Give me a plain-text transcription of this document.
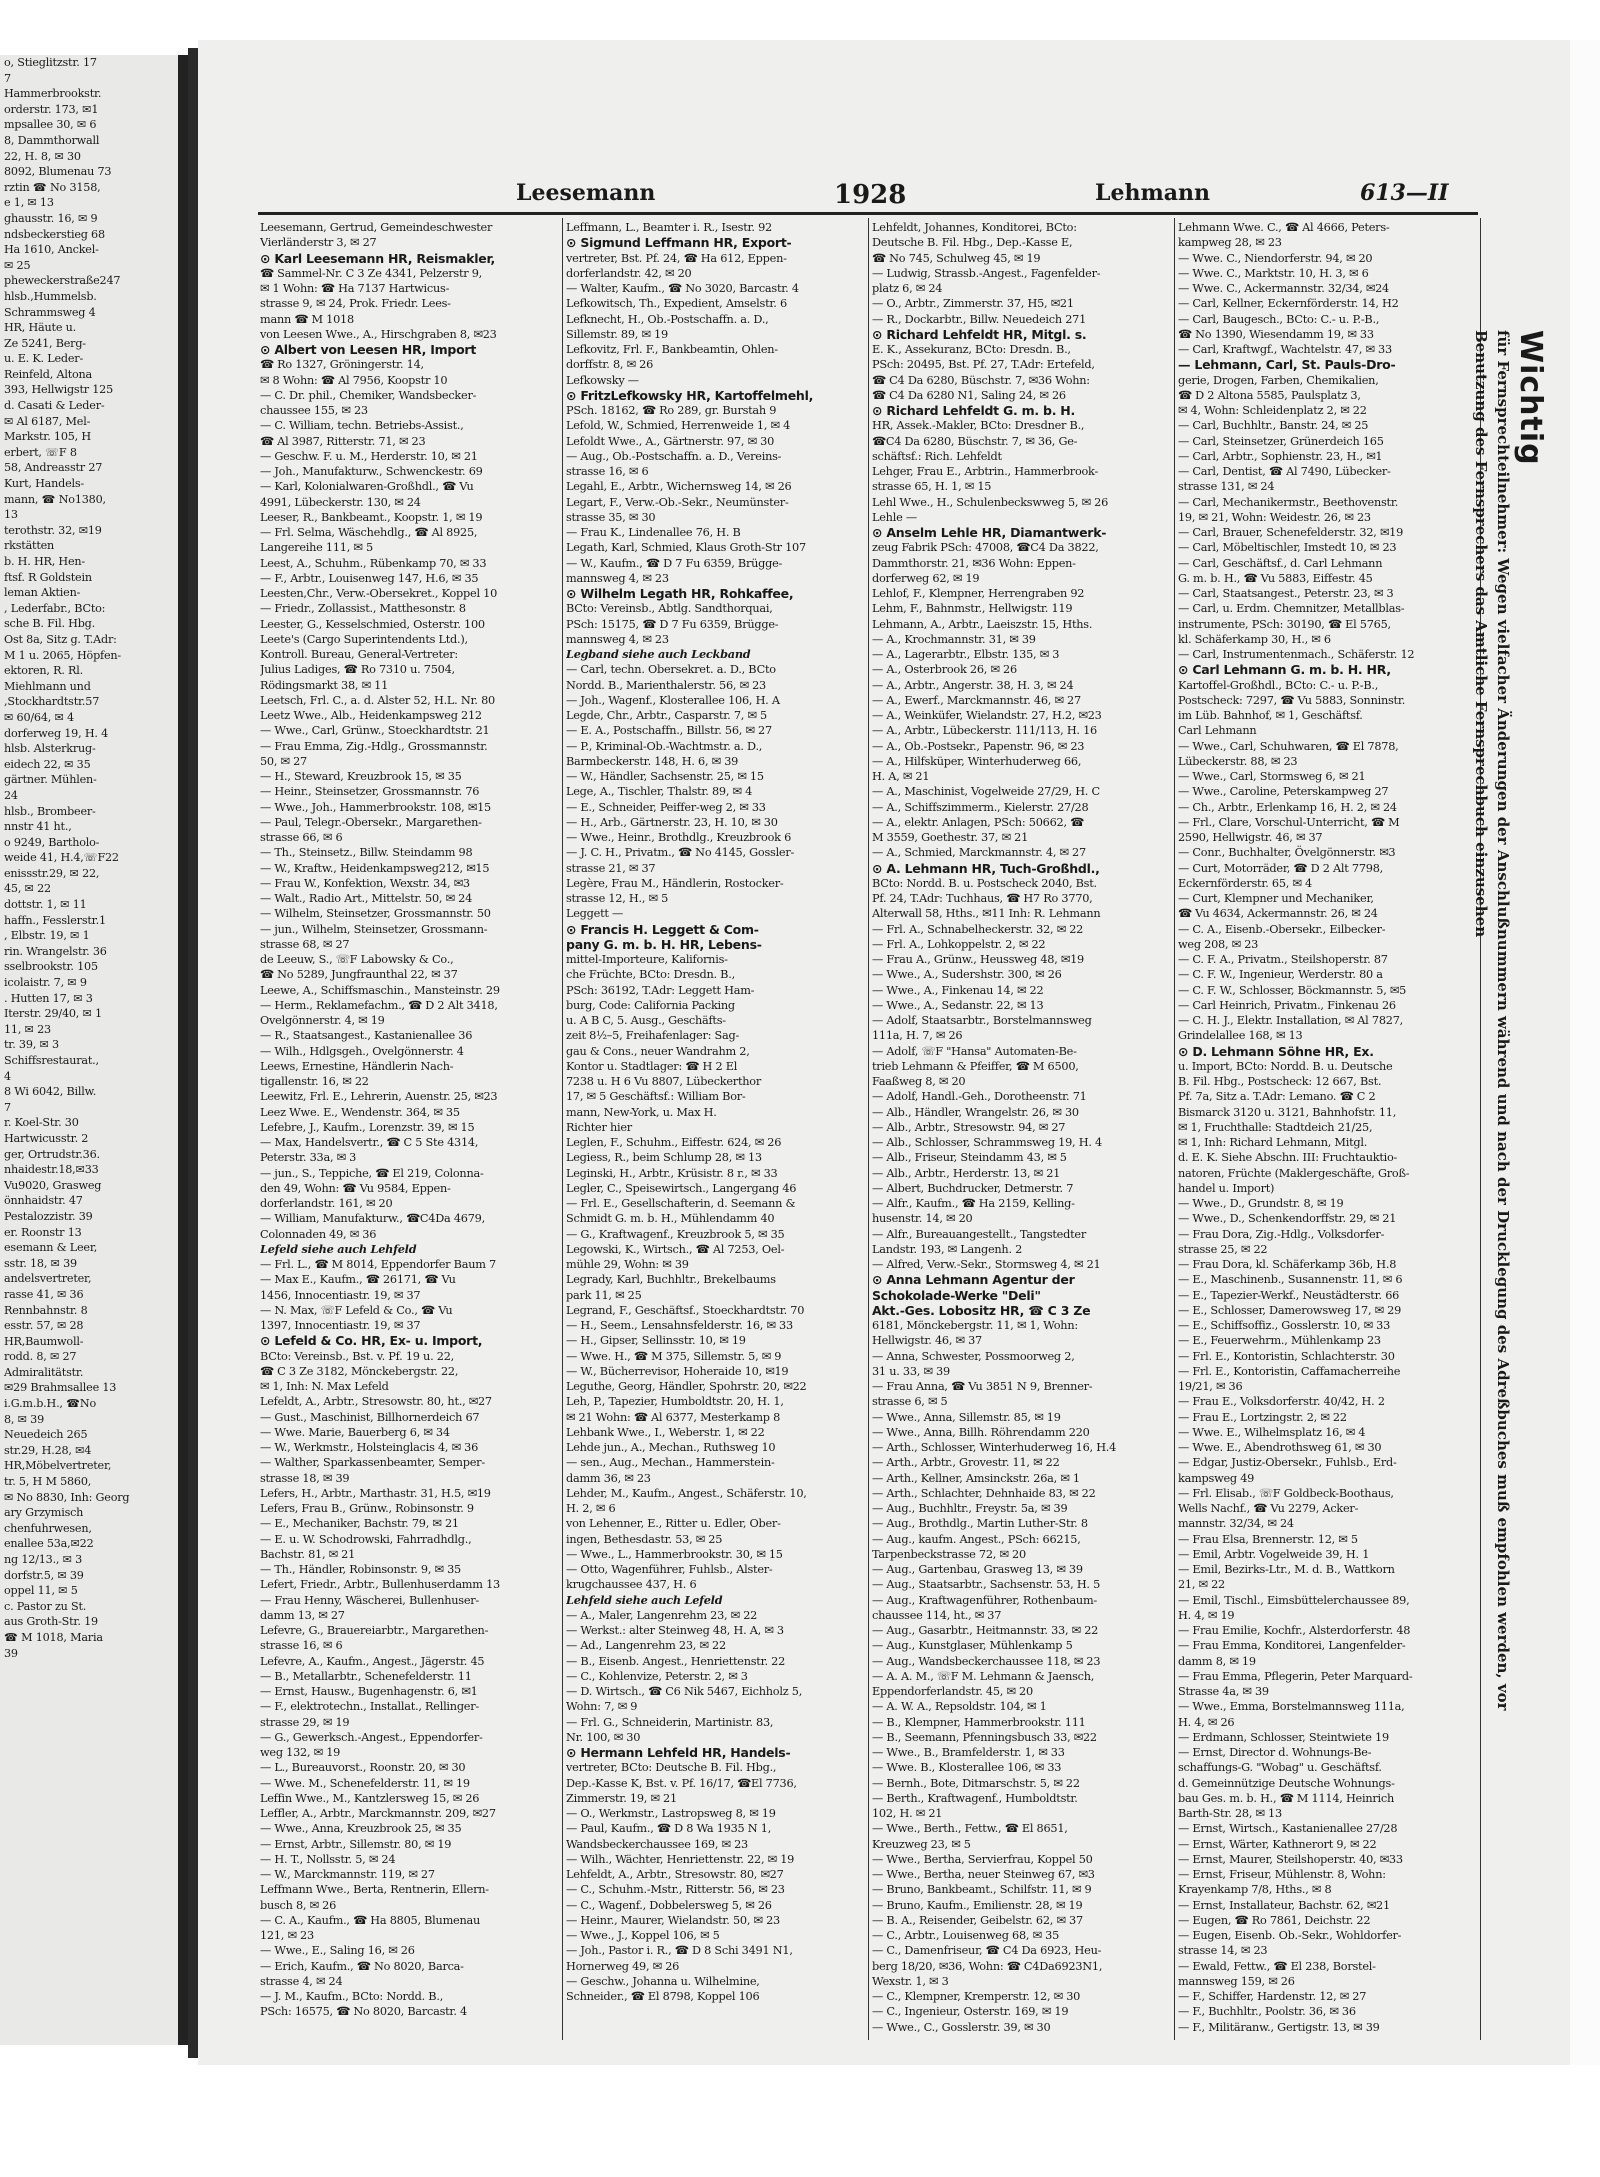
o, Stieglitzstr. 17
7
Hammerbrookstr.
orderstr. 173, ✉1
mpsallee 30, ✉ 6
8, Dammthorwall
22, H. 8, ✉ 30
8092, Blumenau 73
rztin ☎ No 3158,
e 1, ✉ 13
ghausstr. 16, ✉ 9
ndsbeckerstieg 68
Ha 1610, Anckel-
✉ 25
pheweckerstraße247
hlsb.,Hummelsb.
Schrammsweg 4
HR, Häute u.
Ze 5241, Berg-
u. E. K. Leder-
Reinfeld, Altona
393, Hellwigstr 125
d. Casati & Leder-
✉ Al 6187, Mel-
Markstr. 105, H
erbert, ☏F 8
58, Andreasstr 27
Kurt, Handels-
mann, ☎ No1380,
13
terothstr. 32, ✉19
rkstätten
b. H. HR, Hen-
ftsf. R Goldstein
leman Aktien-
, Lederfabr., BCto:
sche B. Fil. Hbg.
Ost 8a, Sitz g. T.Adr:
M 1 u. 2065, Höpfen-
ektoren, R. Rl.
Miehlmann und
,Stockhardtstr.57
✉ 60/64, ✉ 4
dorferweg 19, H. 4
hlsb. Alsterkrug-
eidech 22, ✉ 35
gärtner. Mühlen-
24
hlsb., Brombeer-
nnstr 41 ht.,
o 9249, Bartholo-
weide 41, H.4,☏F22
enissstr.29, ✉ 22,
45, ✉ 22
dottstr. 1, ✉ 11
haffn., Fesslerstr.1
, Elbstr. 19, ✉ 1
rin. Wrangelstr. 36
sselbrookstr. 105
icolaistr. 7, ✉ 9
. Hutten 17, ✉ 3
Iterstr. 29/40, ✉ 1
11, ✉ 23
tr. 39, ✉ 3
Schiffsrestaurat.,
4
8 Wi 6042, Billw.
7
r. Koel-Str. 30
Hartwicusstr. 2
ger, Ortrudstr.36.
nhaidestr.18,✉33
Vu9020, Grasweg
önnhaidstr. 47
Pestalozzistr. 39
er. Roonstr 13
esemann & Leer,
sstr. 18, ✉ 39
andelsvertreter,
rasse 41, ✉ 36
Rennbahnstr. 8
esstr. 57, ✉ 28
HR,Baumwoll-
rodd. 8, ✉ 27
Admiralitätstr.
✉29 Brahmsallee 13
i.G.m.b.H., ☎No
8, ✉ 39
Neuedeich 265
str.29, H.28, ✉4
HR,Möbelvertreter,
tr. 5, H M 5860,
✉ No 8830, Inh: Georg
ary Grzymisch
chenfuhrwesen,
enallee 53a,✉22
ng 12/13., ✉ 3
dorfstr.5, ✉ 39
oppel 11, ✉ 5
c. Pastor zu St.
aus Groth-Str. 19
☎ M 1018, Maria
39
Leesemann	1928	Lehmann	613—II
Leesemann, Gertrud, Gemeindeschwester
Vierländerstr 3, ✉ 27
⊙ Karl Leesemann HR, Reismakler,
☎ Sammel-Nr. C 3 Ze 4341, Pelzerstr 9,
✉ 1 Wohn: ☎ Ha 7137 Hartwicus-
strasse 9, ✉ 24, Prok. Friedr. Lees-
mann ☎ M 1018
von Leesen Wwe., A., Hirschgraben 8, ✉23
⊙ Albert von Leesen HR, Import
☎ Ro 1327, Gröningerstr. 14,
✉ 8 Wohn: ☎ Al 7956, Koopstr 10
— C. Dr. phil., Chemiker, Wandsbecker-
chaussee 155, ✉ 23
— C. William, techn. Betriebs-Assist.,
☎ Al 3987, Ritterstr. 71, ✉ 23
— Geschw. F. u. M., Herderstr. 10, ✉ 21
— Joh., Manufakturw., Schwenckestr. 69
— Karl, Kolonialwaren-Großhdl., ☎ Vu
4991, Lübeckerstr. 130, ✉ 24
Leeser, R., Bankbeamt., Koopstr. 1, ✉ 19
— Frl. Selma, Wäschehdlg., ☎ Al 8925,
Langereihe 111, ✉ 5
Leest, A., Schuhm., Rübenkamp 70, ✉ 33
— F., Arbtr., Louisenweg 147, H.6, ✉ 35
Leesten,Chr., Verw.-Obersekret., Koppel 10
— Friedr., Zollassist., Matthesonstr. 8
Leester, G., Kesselschmied, Osterstr. 100
Leete's (Cargo Superintendents Ltd.),
Kontroll. Bureau, General-Vertreter:
Julius Ladiges, ☎ Ro 7310 u. 7504,
Rödingsmarkt 38, ✉ 11
Leetsch, Frl. C., a. d. Alster 52, H.L. Nr. 80
Leetz Wwe., Alb., Heidenkampsweg 212
— Wwe., Carl, Grünw., Stoeckhardtstr. 21
— Frau Emma, Zig.-Hdlg., Grossmannstr.
50, ✉ 27
— H., Steward, Kreuzbrook 15, ✉ 35
— Heinr., Steinsetzer, Grossmannstr. 76
— Wwe., Joh., Hammerbrookstr. 108, ✉15
— Paul, Telegr.-Obersekr., Margarethen-
strasse 66, ✉ 6
— Th., Steinsetz., Billw. Steindamm 98
— W., Kraftw., Heidenkampsweg212, ✉15
— Frau W., Konfektion, Wexstr. 34, ✉3
— Walt., Radio Art., Mittelstr. 50, ✉ 24
— Wilhelm, Steinsetzer, Grossmannstr. 50
— jun., Wilhelm, Steinsetzer, Grossmann-
strasse 68, ✉ 27
de Leeuw, S., ☏F Labowsky & Co.,
☎ No 5289, Jungfraunthal 22, ✉ 37
Leewe, A., Schiffsmaschin., Mansteinstr. 29
— Herm., Reklamefachm., ☎ D 2 Alt 3418,
Ovelgönnerstr. 4, ✉ 19
— R., Staatsangest., Kastanienallee 36
— Wilh., Hdlgsgeh., Ovelgönnerstr. 4
Leews, Ernestine, Händlerin Nach-
tigallenstr. 16, ✉ 22
Leewitz, Frl. E., Lehrerin, Auenstr. 25, ✉23
Leez Wwe. E., Wendenstr. 364, ✉ 35
Lefebre, J., Kaufm., Lorenzstr. 39, ✉ 15
— Max, Handelsvertr., ☎ C 5 Ste 4314,
Peterstr. 33a, ✉ 3
— jun., S., Teppiche, ☎ El 219, Colonna-
den 49, Wohn: ☎ Vu 9584, Eppen-
dorferlandstr. 161, ✉ 20
— William, Manufakturw., ☎C4Da 4679,
Colonnaden 49, ✉ 36
Lefeld siehe auch Lehfeld
— Frl. L., ☎ M 8014, Eppendorfer Baum 7
— Max E., Kaufm., ☎ 26171, ☎ Vu
1456, Innocentiastr. 19, ✉ 37
— N. Max, ☏F Lefeld & Co., ☎ Vu
1397, Innocentiastr. 19, ✉ 37
⊙ Lefeld & Co. HR, Ex- u. Import,
BCto: Vereinsb., Bst. v. Pf. 19 u. 22,
☎ C 3 Ze 3182, Mönckebergstr. 22,
✉ 1, Inh: N. Max Lefeld
Lefeldt, A., Arbtr., Stresowstr. 80, ht., ✉27
— Gust., Maschinist, Billhornerdeich 67
— Wwe. Marie, Bauerberg 6, ✉ 34
— W., Werkmstr., Holsteinglacis 4, ✉ 36
— Walther, Sparkassenbeamter, Semper-
strasse 18, ✉ 39
Lefers, H., Arbtr., Marthastr. 31, H.5, ✉19
Lefers, Frau B., Grünw., Robinsonstr. 9
— E., Mechaniker, Bachstr. 79, ✉ 21
— E. u. W. Schodrowski, Fahrradhdlg.,
Bachstr. 81, ✉ 21
— Th., Händler, Robinsonstr. 9, ✉ 35
Lefert, Friedr., Arbtr., Bullenhuserdamm 13
— Frau Henny, Wäscherei, Bullenhuser-
damm 13, ✉ 27
Lefevre, G., Brauereiarbtr., Margarethen-
strasse 16, ✉ 6
Lefevre, A., Kaufm., Angest., Jägerstr. 45
— B., Metallarbtr., Schenefelderstr. 11
— Ernst, Hausw., Bugenhagenstr. 6, ✉1
— F., elektrotechn., Installat., Rellinger-
strasse 29, ✉ 19
— G., Gewerksch.-Angest., Eppendorfer-
weg 132, ✉ 19
— L., Bureauvorst., Roonstr. 20, ✉ 30
— Wwe. M., Schenefelderstr. 11, ✉ 19
Leffin Wwe., M., Kantzlersweg 15, ✉ 26
Leffler, A., Arbtr., Marckmannstr. 209, ✉27
— Wwe., Anna, Kreuzbrook 25, ✉ 35
— Ernst, Arbtr., Sillemstr. 80, ✉ 19
— H. T., Nollsstr. 5, ✉ 24
— W., Marckmannstr. 119, ✉ 27
Leffmann Wwe., Berta, Rentnerin, Ellern-
busch 8, ✉ 26
— C. A., Kaufm., ☎ Ha 8805, Blumenau
121, ✉ 23
— Wwe., E., Saling 16, ✉ 26
— Erich, Kaufm., ☎ No 8020, Barca-
strasse 4, ✉ 24
— J. M., Kaufm., BCto: Nordd. B.,
PSch: 16575, ☎ No 8020, Barcastr. 4
Leffmann, L., Beamter i. R., Isestr. 92
⊙ Sigmund Leffmann HR, Export-
vertreter, Bst. Pf. 24, ☎ Ha 612, Eppen-
dorferlandstr. 42, ✉ 20
— Walter, Kaufm., ☎ No 3020, Barcastr. 4
Lefkowitsch, Th., Expedient, Amselstr. 6
Lefknecht, H., Ob.-Postschaffn. a. D.,
Sillemstr. 89, ✉ 19
Lefkovitz, Frl. F., Bankbeamtin, Ohlen-
dorffstr. 8, ✉ 26
Lefkowsky —
⊙ FritzLefkowsky HR, Kartoffelmehl,
PSch. 18162, ☎ Ro 289, gr. Burstah 9
Lefold, W., Schmied, Herrenweide 1, ✉ 4
Lefoldt Wwe., A., Gärtnerstr. 97, ✉ 30
— Aug., Ob.-Postschaffn. a. D., Vereins-
strasse 16, ✉ 6
Legahl, E., Arbtr., Wichernsweg 14, ✉ 26
Legart, F., Verw.-Ob.-Sekr., Neumünster-
strasse 35, ✉ 30
— Frau K., Lindenallee 76, H. B
Legath, Karl, Schmied, Klaus Groth-Str 107
— W., Kaufm., ☎ D 7 Fu 6359, Brügge-
mannsweg 4, ✉ 23
⊙ Wilhelm Legath HR, Rohkaffee,
BCto: Vereinsb., Abtlg. Sandthorquai,
PSch: 15175, ☎ D 7 Fu 6359, Brügge-
mannsweg 4, ✉ 23
Legband siehe auch Leckband
— Carl, techn. Obersekret. a. D., BCto
Nordd. B., Marienthalerstr. 56, ✉ 23
— Joh., Wagenf., Klosterallee 106, H. A
Legde, Chr., Arbtr., Casparstr. 7, ✉ 5
— E. A., Postschaffn., Billstr. 56, ✉ 27
— P., Kriminal-Ob.-Wachtmstr. a. D.,
Barmbeckerstr. 148, H. 6, ✉ 39
— W., Händler, Sachsenstr. 25, ✉ 15
Lege, A., Tischler, Thalstr. 89, ✉ 4
— E., Schneider, Peiffer-weg 2, ✉ 33
— H., Arb., Gärtnerstr. 23, H. 10, ✉ 30
— Wwe., Heinr., Brothdlg., Kreuzbrook 6
— J. C. H., Privatm., ☎ No 4145, Gossler-
strasse 21, ✉ 37
Legère, Frau M., Händlerin, Rostocker-
strasse 12, H., ✉ 5
Leggett —
⊙ Francis H. Leggett & Com-
pany G. m. b. H. HR, Lebens-
mittel-Importeure, Kalifornis-
che Früchte, BCto: Dresdn. B.,
PSch: 36192, T.Adr: Leggett Ham-
burg, Code: California Packing
u. A B C, 5. Ausg., Geschäfts-
zeit 8½–5, Freihafenlager: Sag-
gau & Cons., neuer Wandrahm 2,
Kontor u. Stadtlager: ☎ H 2 El
7238 u. H 6 Vu 8807, Lübeckerthor
17, ✉ 5 Geschäftsf.: William Bor-
mann, New-York, u. Max H.
Richter hier
Leglen, F., Schuhm., Eiffestr. 624, ✉ 26
Legiess, R., beim Schlump 28, ✉ 13
Leginski, H., Arbtr., Krüsistr. 8 r., ✉ 33
Legler, C., Speisewirtsch., Langergang 46
— Frl. E., Gesellschafterin, d. Seemann &
Schmidt G. m. b. H., Mühlendamm 40
— G., Kraftwagenf., Kreuzbrook 5, ✉ 35
Legowski, K., Wirtsch., ☎ Al 7253, Oel-
mühle 29, Wohn: ✉ 39
Legrady, Karl, Buchhltr., Brekelbaums
park 11, ✉ 25
Legrand, F., Geschäftsf., Stoeckhardtstr. 70
— H., Seem., Lensahnsfelderstr. 16, ✉ 33
— H., Gipser, Sellinsstr. 10, ✉ 19
— Wwe. H., ☎ M 375, Sillemstr. 5, ✉ 9
— W., Bücherrevisor, Hoheraide 10, ✉19
Leguthe, Georg, Händler, Spohrstr. 20, ✉22
Leh, P., Tapezier, Humboldtstr. 20, H. 1,
✉ 21 Wohn: ☎ Al 6377, Mesterkamp 8
Lehbank Wwe., I., Weberstr. 1, ✉ 22
Lehde jun., A., Mechan., Ruthsweg 10
— sen., Aug., Mechan., Hammerstein-
damm 36, ✉ 23
Lehder, M., Kaufm., Angest., Schäferstr. 10,
H. 2, ✉ 6
von Lehenner, E., Ritter u. Edler, Ober-
ingen, Bethesdastr. 53, ✉ 25
— Wwe., L., Hammerbrookstr. 30, ✉ 15
— Otto, Wagenführer, Fuhlsb., Alster-
krugchaussee 437, H. 6
Lehfeld siehe auch Lefeld
— A., Maler, Langenrehm 23, ✉ 22
— Werkst.: alter Steinweg 48, H. A, ✉ 3
— Ad., Langenrehm 23, ✉ 22
— B., Eisenb. Angest., Henriettenstr. 22
— C., Kohlenvize, Peterstr. 2, ✉ 3
— D. Wirtsch., ☎ C6 Nik 5467, Eichholz 5,
Wohn: 7, ✉ 9
— Frl. G., Schneiderin, Martinistr. 83,
Nr. 100, ✉ 30
⊙ Hermann Lehfeld HR, Handels-
vertreter, BCto: Deutsche B. Fil. Hbg.,
Dep.-Kasse K, Bst. v. Pf. 16/17, ☎El 7736,
Zimmerstr. 19, ✉ 21
— O., Werkmstr., Lastropsweg 8, ✉ 19
— Paul, Kaufm., ☎ D 8 Wa 1935 N 1,
Wandsbeckerchaussee 169, ✉ 23
— Wilh., Wächter, Henriettenstr. 22, ✉ 19
Lehfeldt, A., Arbtr., Stresowstr. 80, ✉27
— C., Schuhm.-Mstr., Ritterstr. 56, ✉ 23
— C., Wagenf., Dobbelersweg 5, ✉ 26
— Heinr., Maurer, Wielandstr. 50, ✉ 23
— Wwe., J., Koppel 106, ✉ 5
— Joh., Pastor i. R., ☎ D 8 Schi 3491 N1,
Hornerweg 49, ✉ 26
— Geschw., Johanna u. Wilhelmine,
Schneider., ☎ El 8798, Koppel 106
Lehfeldt, Johannes, Konditorei, BCto:
Deutsche B. Fil. Hbg., Dep.-Kasse E,
☎ No 745, Schulweg 45, ✉ 19
— Ludwig, Strassb.-Angest., Fagenfelder-
platz 6, ✉ 24
— O., Arbtr., Zimmerstr. 37, H5, ✉21
— R., Dockarbtr., Billw. Neuedeich 271
⊙ Richard Lehfeldt HR, Mitgl. s.
E. K., Assekuranz, BCto: Dresdn. B.,
PSch: 20495, Bst. Pf. 27, T.Adr: Ertefeld,
☎ C4 Da 6280, Büschstr. 7, ✉36 Wohn:
☎ C4 Da 6280 N1, Saling 24, ✉ 26
⊙ Richard Lehfeldt G. m. b. H.
HR, Assek.-Makler, BCto: Dresdner B.,
☎C4 Da 6280, Büschstr. 7, ✉ 36, Ge-
schäftsf.: Rich. Lehfeldt
Lehger, Frau E., Arbtrin., Hammerbrook-
strasse 65, H. 1, ✉ 15
Lehl Wwe., H., Schulenbeckswweg 5, ✉ 26
Lehle —
⊙ Anselm Lehle HR, Diamantwerk-
zeug Fabrik PSch: 47008, ☎C4 Da 3822,
Dammthorstr. 21, ✉36 Wohn: Eppen-
dorferweg 62, ✉ 19
Lehlof, F., Klempner, Herrengraben 92
Lehm, F., Bahnmstr., Hellwigstr. 119
Lehmann, A., Arbtr., Laeiszstr. 15, Hths.
— A., Krochmannstr. 31, ✉ 39
— A., Lagerarbtr., Elbstr. 135, ✉ 3
— A., Osterbrook 26, ✉ 26
— A., Arbtr., Angerstr. 38, H. 3, ✉ 24
— A., Ewerf., Marckmannstr. 46, ✉ 27
— A., Weinküfer, Wielandstr. 27, H.2, ✉23
— A., Arbtr., Lübeckerstr. 111/113, H. 16
— A., Ob.-Postsekr., Papenstr. 96, ✉ 23
— A., Hilfsküper, Winterhuderweg 66,
H. A, ✉ 21
— A., Maschinist, Vogelweide 27/29, H. C
— A., Schiffszimmerm., Kielerstr. 27/28
— A., elektr. Anlagen, PSch: 50662, ☎
M 3559, Goethestr. 37, ✉ 21
— A., Schmied, Marckmannstr. 4, ✉ 27
⊙ A. Lehmann HR, Tuch-Großhdl.,
BCto: Nordd. B. u. Postscheck 2040, Bst.
Pf. 24, T.Adr: Tuchhaus, ☎ H7 Ro 3770,
Alterwall 58, Hths., ✉11 Inh: R. Lehmann
— Frl. A., Schnabelheckerstr. 32, ✉ 22
— Frl. A., Lohkoppelstr. 2, ✉ 22
— Frau A., Grünw., Heussweg 48, ✉19
— Wwe., A., Sudershstr. 300, ✉ 26
— Wwe., A., Finkenau 14, ✉ 22
— Wwe., A., Sedanstr. 22, ✉ 13
— Adolf, Staatsarbtr., Borstelmannsweg
111a, H. 7, ✉ 26
— Adolf, ☏F "Hansa" Automaten-Be-
trieb Lehmann & Pfeiffer, ☎ M 6500,
Faaßweg 8, ✉ 20
— Adolf, Handl.-Geh., Dorotheenstr. 71
— Alb., Händler, Wrangelstr. 26, ✉ 30
— Alb., Arbtr., Stresowstr. 94, ✉ 27
— Alb., Schlosser, Schrammsweg 19, H. 4
— Alb., Friseur, Steindamm 43, ✉ 5
— Alb., Arbtr., Herderstr. 13, ✉ 21
— Albert, Buchdrucker, Detmerstr. 7
— Alfr., Kaufm., ☎ Ha 2159, Kelling-
husenstr. 14, ✉ 20
— Alfr., Bureauangestellt., Tangstedter
Landstr. 193, ✉ Langenh. 2
— Alfred, Verw.-Sekr., Stormsweg 4, ✉ 21
⊙ Anna Lehmann Agentur der
Schokolade-Werke "Deli"
Akt.-Ges. Lobositz HR, ☎ C 3 Ze
6181, Mönckebergstr. 11, ✉ 1, Wohn:
Hellwigstr. 46, ✉ 37
— Anna, Schwester, Possmoorweg 2,
31 u. 33, ✉ 39
— Frau Anna, ☎ Vu 3851 N 9, Brenner-
strasse 6, ✉ 5
— Wwe., Anna, Sillemstr. 85, ✉ 19
— Wwe., Anna, Billh. Röhrendamm 220
— Arth., Schlosser, Winterhuderweg 16, H.4
— Arth., Arbtr., Grovestr. 11, ✉ 22
— Arth., Kellner, Amsinckstr. 26a, ✉ 1
— Arth., Schlachter, Dehnhaide 83, ✉ 22
— Aug., Buchhltr., Freystr. 5a, ✉ 39
— Aug., Brothdlg., Martin Luther-Str. 8
— Aug., kaufm. Angest., PSch: 66215,
Tarpenbeckstrasse 72, ✉ 20
— Aug., Gartenbau, Grasweg 13, ✉ 39
— Aug., Staatsarbtr., Sachsenstr. 53, H. 5
— Aug., Kraftwagenführer, Rothenbaum-
chaussee 114, ht., ✉ 37
— Aug., Gasarbtr., Heitmannstr. 33, ✉ 22
— Aug., Kunstglaser, Mühlenkamp 5
— Aug., Wandsbeckerchaussee 118, ✉ 23
— A. A. M., ☏F M. Lehmann & Jaensch,
Eppendorferlandstr. 45, ✉ 20
— A. W. A., Repsoldstr. 104, ✉ 1
— B., Klempner, Hammerbrookstr. 111
— B., Seemann, Pfenningsbusch 33, ✉22
— Wwe., B., Bramfelderstr. 1, ✉ 33
— Wwe. B., Klosterallee 106, ✉ 33
— Bernh., Bote, Ditmarschstr. 5, ✉ 22
— Berth., Kraftwagenf., Humboldtstr.
102, H. ✉ 21
— Wwe., Berth., Fettw., ☎ El 8651,
Kreuzweg 23, ✉ 5
— Wwe., Bertha, Servierfrau, Koppel 50
— Wwe., Bertha, neuer Steinweg 67, ✉3
— Bruno, Bankbeamt., Schilfstr. 11, ✉ 9
— Bruno, Kaufm., Emilienstr. 28, ✉ 19
— B. A., Reisender, Geibelstr. 62, ✉ 37
— C., Arbtr., Louisenweg 68, ✉ 35
— C., Damenfriseur, ☎ C4 Da 6923, Heu-
berg 18/20, ✉36, Wohn: ☎ C4Da6923N1,
Wexstr. 1, ✉ 3
— C., Klempner, Kremperstr. 12, ✉ 30
— C., Ingenieur, Osterstr. 169, ✉ 19
— Wwe., C., Gosslerstr. 39, ✉ 30
Lehmann Wwe. C., ☎ Al 4666, Peters-
kampweg 28, ✉ 23
— Wwe. C., Niendorferstr. 94, ✉ 20
— Wwe. C., Marktstr. 10, H. 3, ✉ 6
— Wwe. C., Ackermannstr. 32/34, ✉24
— Carl, Kellner, Eckernförderstr. 14, H2
— Carl, Baugesch., BCto: C.- u. P.-B.,
☎ No 1390, Wiesendamm 19, ✉ 33
— Carl, Kraftwgf., Wachtelstr. 47, ✉ 33
— Lehmann, Carl, St. Pauls-Dro-
gerie, Drogen, Farben, Chemikalien,
☎ D 2 Altona 5585, Paulsplatz 3,
✉ 4, Wohn: Schleidenplatz 2, ✉ 22
— Carl, Buchhltr., Banstr. 24, ✉ 25
— Carl, Steinsetzer, Grünerdeich 165
— Carl, Arbtr., Sophienstr. 23, H., ✉1
— Carl, Dentist, ☎ Al 7490, Lübecker-
strasse 131, ✉ 24
— Carl, Mechanikermstr., Beethovenstr.
19, ✉ 21, Wohn: Weidestr. 26, ✉ 23
— Carl, Brauer, Schenefelderstr. 32, ✉19
— Carl, Möbeltischler, Imstedt 10, ✉ 23
— Carl, Geschäftsf., d. Carl Lehmann
G. m. b. H., ☎ Vu 5883, Eiffestr. 45
— Carl, Staatsangest., Peterstr. 23, ✉ 3
— Carl, u. Erdm. Chemnitzer, Metallblas-
instrumente, PSch: 30190, ☎ El 5765,
kl. Schäferkamp 30, H., ✉ 6
— Carl, Instrumentenmach., Schäferstr. 12
⊙ Carl Lehmann G. m. b. H. HR,
Kartoffel-Großhdl., BCto: C.- u. P.-B.,
Postscheck: 7297, ☎ Vu 5883, Sonninstr.
im Lüb. Bahnhof, ✉ 1, Geschäftsf.
Carl Lehmann
— Wwe., Carl, Schuhwaren, ☎ El 7878,
Lübeckerstr. 88, ✉ 23
— Wwe., Carl, Stormsweg 6, ✉ 21
— Wwe., Caroline, Peterskampweg 27
— Ch., Arbtr., Erlenkamp 16, H. 2, ✉ 24
— Frl., Clare, Vorschul-Unterricht, ☎ M
2590, Hellwigstr. 46, ✉ 37
— Conr., Buchhalter, Övelgönnerstr. ✉3
— Curt, Motorräder, ☎ D 2 Alt 7798,
Eckernförderstr. 65, ✉ 4
— Curt, Klempner und Mechaniker,
☎ Vu 4634, Ackermannstr. 26, ✉ 24
— C. A., Eisenb.-Obersekr., Eilbecker-
weg 208, ✉ 23
— C. F. A., Privatm., Steilshoperstr. 87
— C. F. W., Ingenieur, Werderstr. 80 a
— C. F. W., Schlosser, Böckmannstr. 5, ✉5
— Carl Heinrich, Privatm., Finkenau 26
— C. H. J., Elektr. Installation, ✉ Al 7827,
Grindelallee 168, ✉ 13
⊙ D. Lehmann Söhne HR, Ex.
u. Import, BCto: Nordd. B. u. Deutsche
B. Fil. Hbg., Postscheck: 12 667, Bst.
Pf. 7a, Sitz a. T.Adr: Lemano. ☎ C 2
Bismarck 3120 u. 3121, Bahnhofstr. 11,
✉ 1, Fruchthalle: Stadtdeich 21/25,
✉ 1, Inh: Richard Lehmann, Mitgl.
d. E. K. Siehe Abschn. III: Fruchtauktio-
natoren, Früchte (Maklergeschäfte, Groß-
handel u. Import)
— Wwe., D., Grundstr. 8, ✉ 19
— Wwe., D., Schenkendorffstr. 29, ✉ 21
— Frau Dora, Zig.-Hdlg., Volksdorfer-
strasse 25, ✉ 22
— Frau Dora, kl. Schäferkamp 36b, H.8
— E., Maschinenb., Susannenstr. 11, ✉ 6
— E., Tapezier-Werkf., Neustädterstr. 66
— E., Schlosser, Damerowsweg 17, ✉ 29
— E., Schiffsoffiz., Gosslerstr. 10, ✉ 33
— E., Feuerwehrm., Mühlenkamp 23
— Frl. E., Kontoristin, Schlachterstr. 30
— Frl. E., Kontoristin, Caffamacherreihe
19/21, ✉ 36
— Frau E., Volksdorferstr. 40/42, H. 2
— Frau E., Lortzingstr. 2, ✉ 22
— Wwe. E., Wilhelmsplatz 16, ✉ 4
— Wwe. E., Abendrothsweg 61, ✉ 30
— Edgar, Justiz-Obersekr., Fuhlsb., Erd-
kampsweg 49
— Frl. Elisab., ☏F Goldbeck-Boothaus,
Wells Nachf., ☎ Vu 2279, Acker-
mannstr. 32/34, ✉ 24
— Frau Elsa, Brennerstr. 12, ✉ 5
— Emil, Arbtr. Vogelweide 39, H. 1
— Emil, Bezirks-Ltr., M. d. B., Wattkorn
21, ✉ 22
— Emil, Tischl., Eimsbüttelerchaussee 89,
H. 4, ✉ 19
— Frau Emilie, Kochfr., Alsterdorferstr. 48
— Frau Emma, Konditorei, Langenfelder-
damm 8, ✉ 19
— Frau Emma, Pflegerin, Peter Marquard-
Strasse 4a, ✉ 39
— Wwe., Emma, Borstelmannsweg 111a,
H. 4, ✉ 26
— Erdmann, Schlosser, Steintwiete 19
— Ernst, Director d. Wohnungs-Be-
schaffungs-G. "Wobag" u. Geschäftsf.
d. Gemeinnützige Deutsche Wohnungs-
bau Ges. m. b. H., ☎ M 1114, Heinrich
Barth-Str. 28, ✉ 13
— Ernst, Wirtsch., Kastanienallee 27/28
— Ernst, Wärter, Kathnerort 9, ✉ 22
— Ernst, Maurer, Steilshoperstr. 40, ✉33
— Ernst, Friseur, Mühlenstr. 8, Wohn:
Krayenkamp 7/8, Hths., ✉ 8
— Ernst, Installateur, Bachstr. 62, ✉21
— Eugen, ☎ Ro 7861, Deichstr. 22
— Eugen, Eisenb. Ob.-Sekr., Wohldorfer-
strasse 14, ✉ 23
— Ewald, Fettw., ☎ El 238, Borstel-
mannsweg 159, ✉ 26
— F., Schiffer, Hardenstr. 12, ✉ 27
— F., Buchhltr., Poolstr. 36, ✉ 36
— F., Militäranw., Gertigstr. 13, ✉ 39
Wichtig
für Fernsprechteilnehmer: Wegen vielfacher Änderungen der Anschlußnummern während und nach der Drucklegung des Adreßbuches muß empfohlen werden, vor Benutzung des Fernsprechers das Amtliche Fernsprechbuch einzusehen
